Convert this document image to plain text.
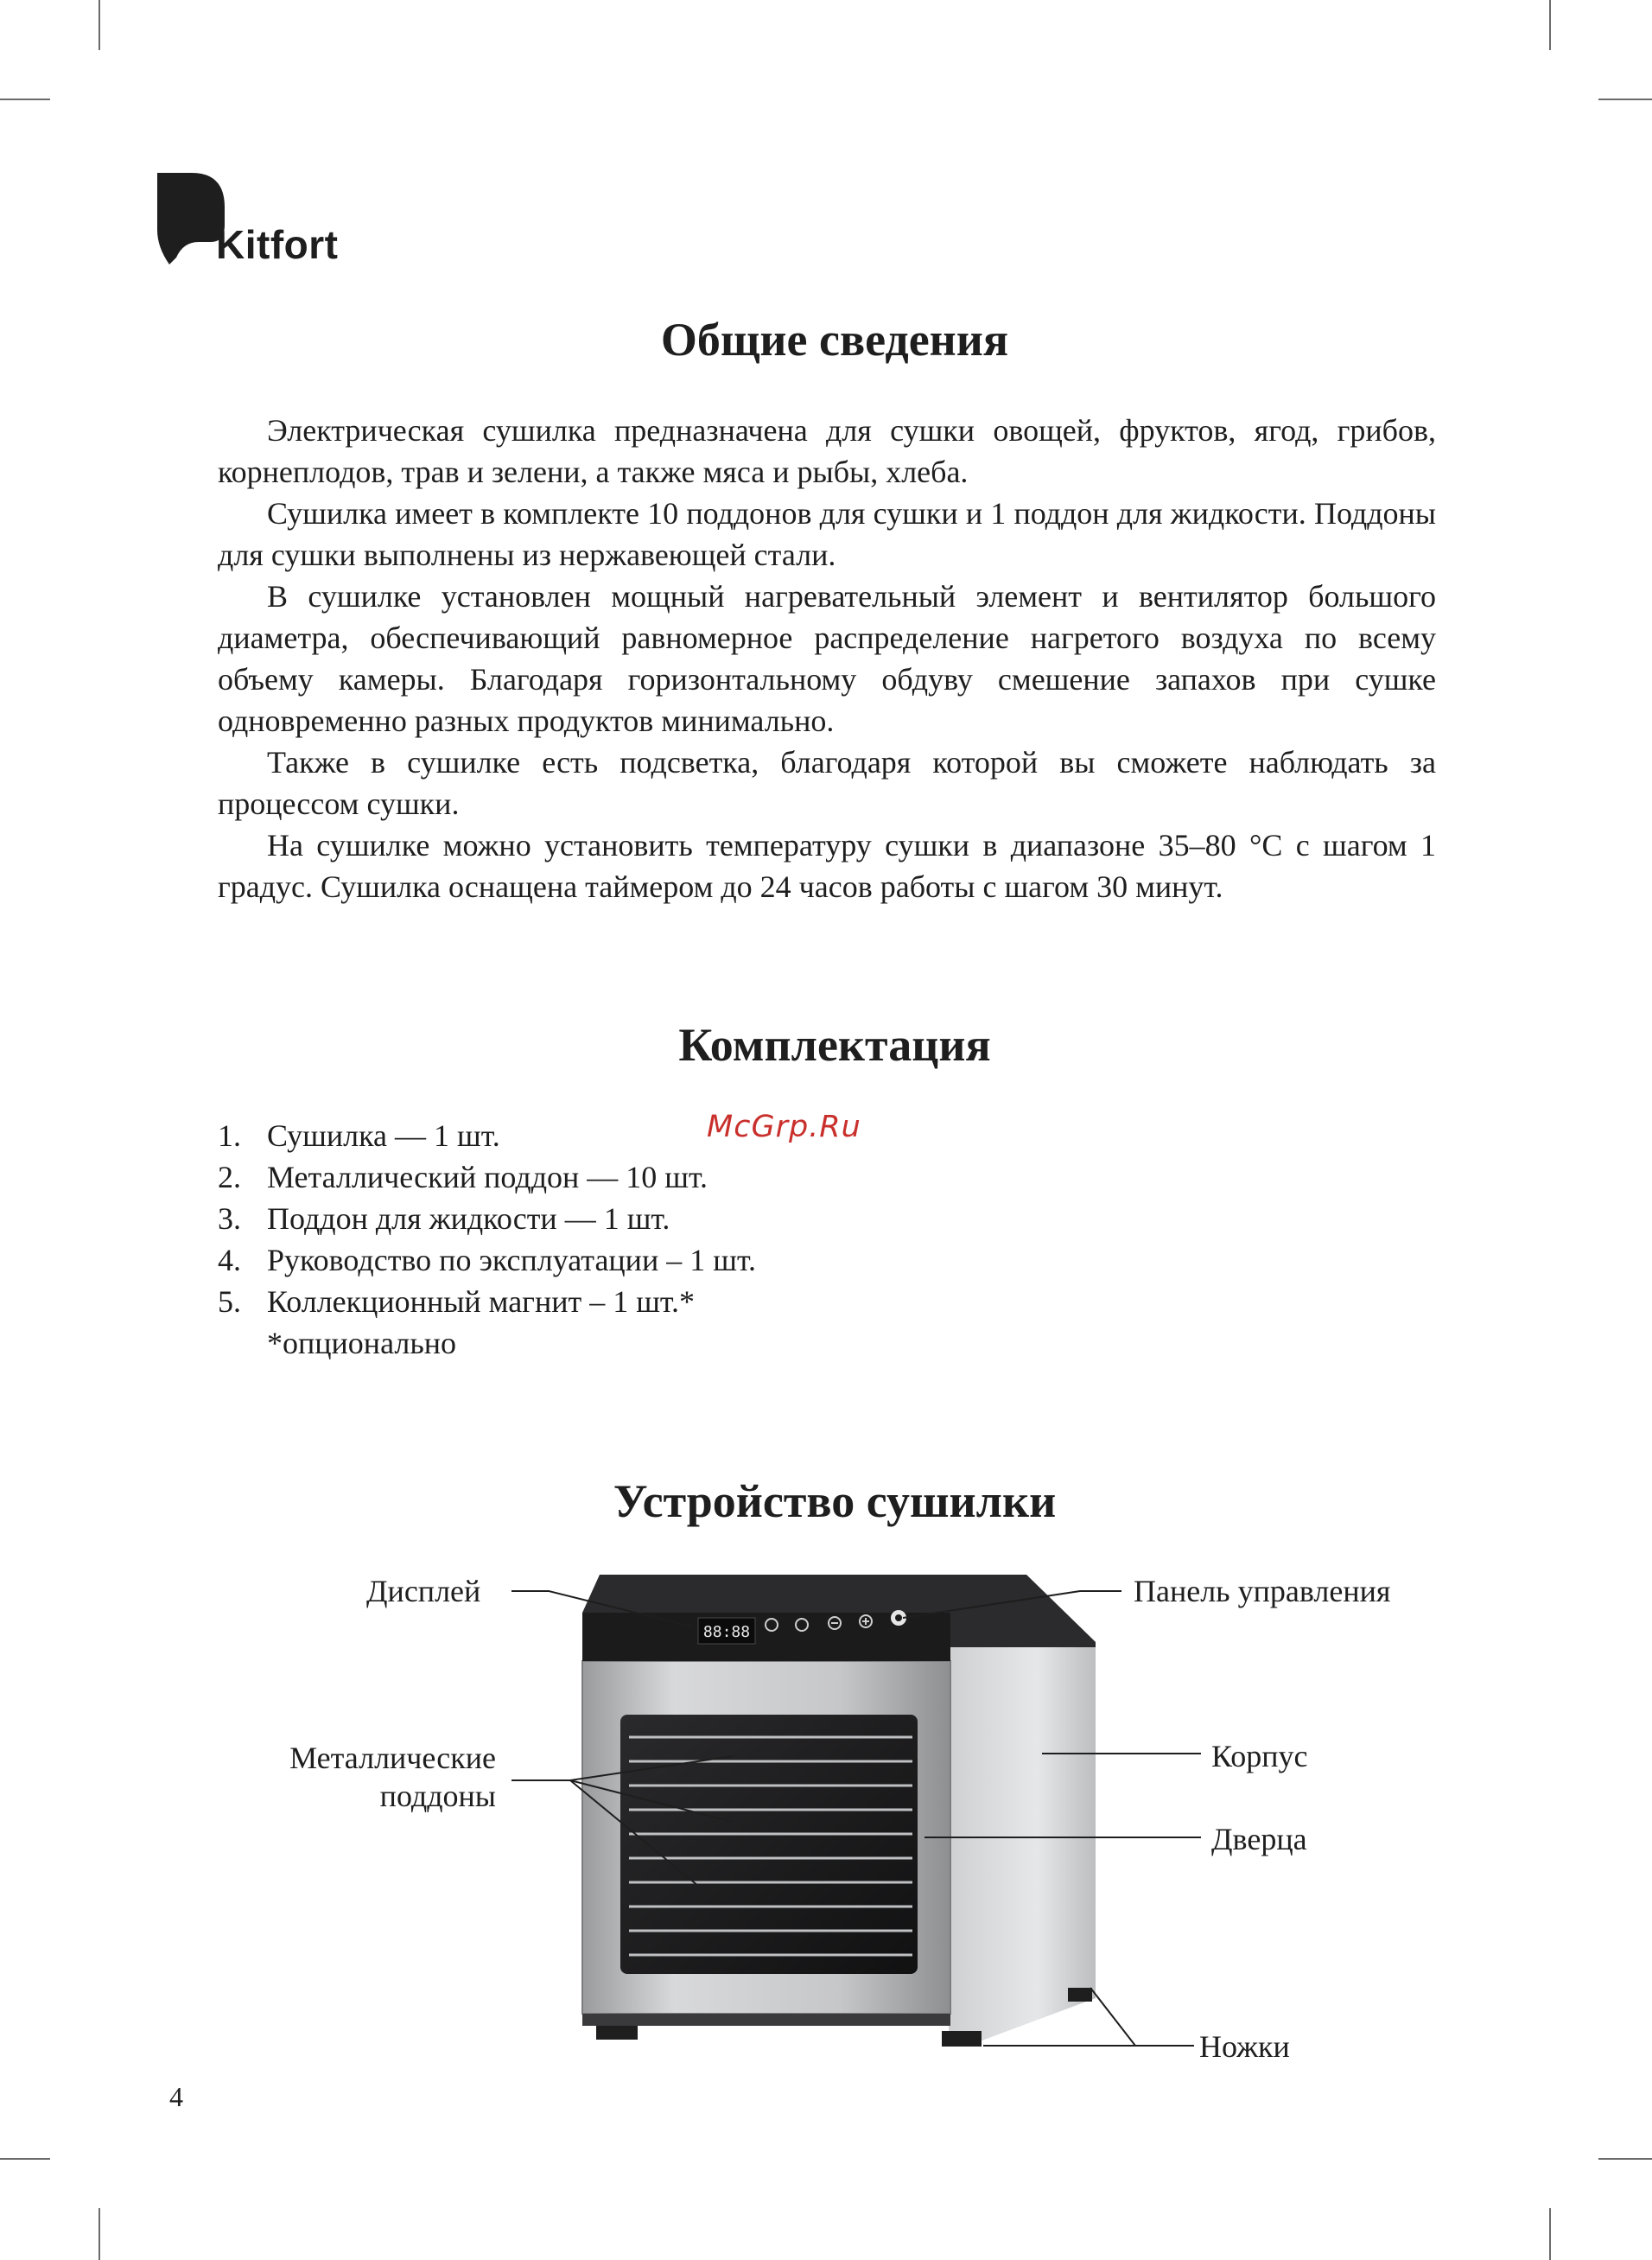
Kitfort
Общие сведения

Электрическая сушилка предназначена для сушки овощей, фруктов, ягод, грибов, корнеплодов, трав и зелени, а также мяса и рыбы, хлеба.

Сушилка имеет в комплекте 10 поддонов для сушки и 1 поддон для жидкости. Поддоны для сушки выполнены из нержавеющей стали.

В сушилке установлен мощный нагревательный элемент и вентилятор большого диаметра, обеспечивающий равномерное распределение нагретого воздуха по всему объему камеры. Благодаря горизонтальному обдуву смешение запахов при сушке одновременно разных продуктов минимально.

Также в сушилке есть подсветка, благодаря которой вы сможете наблюдать за процессом сушки.

На сушилке можно установить температуру сушки в диапазоне 35–80 °С с шагом 1 градус. Сушилка оснащена таймером до 24 часов работы с шагом 30 минут.

Комплектация
1. Сушилка — 1 шт.
2. Металлический поддон — 10 шт.
3. Поддон для жидкости — 1 шт.
4. Руководство по эксплуатации – 1 шт.
5. Коллекционный магнит – 1 шт.*
*опционально
McGrp.Ru
Устройство сушилки
88:88
Дисплей	Панель управления
Металлические
поддоны
Корпус
Дверца
Ножки
4
